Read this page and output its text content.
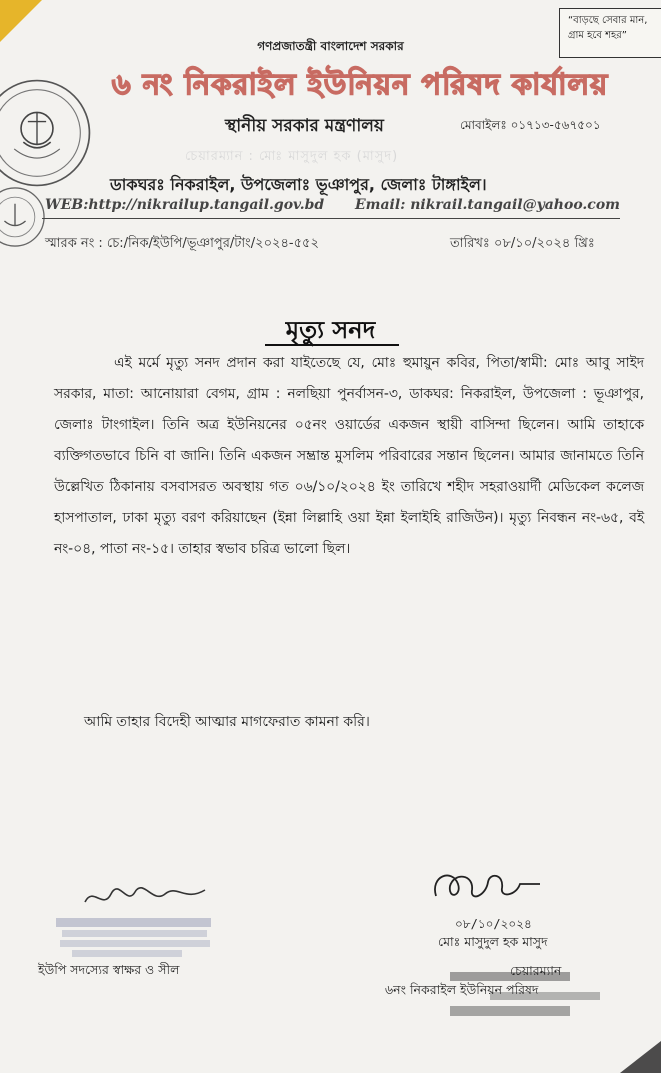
“বাড়ছে সেবার মান, গ্রাম হবে শহর”
গণপ্রজাতন্ত্রী বাংলাদেশ সরকার
৬ নং নিকরাইল ইউনিয়ন পরিষদ কার্যালয়
স্থানীয় সরকার মন্ত্রণালয়	মোবাইলঃ ০১৭১৩-৫৬৭৫০১
চেয়ারম্যান : মোঃ মাসুদুল হক (মাসুদ)
ডাকঘরঃ নিকরাইল, উপজেলাঃ ভূঞাপুর, জেলাঃ টাঙ্গাইল।
WEB:http://nikrailup.tangail.gov.bd Email: nikrail.tangail@yahoo.com
স্মারক নং : চে:/নিক/ইউপি/ভূঞাপুর/টাং/২০২৪-৫৫২	তারিখঃ ০৮/১০/২০২৪ খ্রিঃ
মৃত্যু সনদ
এই মর্মে মৃত্যু সনদ প্রদান করা যাইতেছে যে, মোঃ হুমায়ুন কবির, পিতা/স্বামী: মোঃ আবু সাইদ সরকার, মাতা: আনোয়ারা বেগম, গ্রাম : নলছিয়া পুনর্বাসন-৩, ডাকঘর: নিকরাইল, উপজেলা : ভূঞাপুর, জেলাঃ টাংগাইল। তিনি অত্র ইউনিয়নের ০৫নং ওয়ার্ডের একজন স্থায়ী বাসিন্দা ছিলেন। আমি তাহাকে ব্যক্তিগতভাবে চিনি বা জানি। তিনি একজন সম্ভ্রান্ত মুসলিম পরিবারের সন্তান ছিলেন। আমার জানামতে তিনি উল্লেখিত ঠিকানায় বসবাসরত অবস্থায় গত ০৬/১০/২০২৪ ইং তারিখে শহীদ সহরাওয়ার্দী মেডিকেল কলেজ হাসপাতাল, ঢাকা মৃত্যু বরণ করিয়াছেন (ইন্না লিল্লাহি ওয়া ইন্না ইলাইহি রাজিউন)। মৃত্যু নিবন্ধন নং-৬৫, বই নং-০৪, পাতা নং-১৫। তাহার স্বভাব চরিত্র ভালো ছিল।
আমি তাহার বিদেহী আত্মার মাগফেরাত কামনা করি।
ইউপি সদস্যের স্বাক্ষর ও সীল
০৮/১০/২০২৪
মোঃ মাসুদুল হক মাসুদ
চেয়ারম্যান
৬নং নিকরাইল ইউনিয়ন পরিষদ
